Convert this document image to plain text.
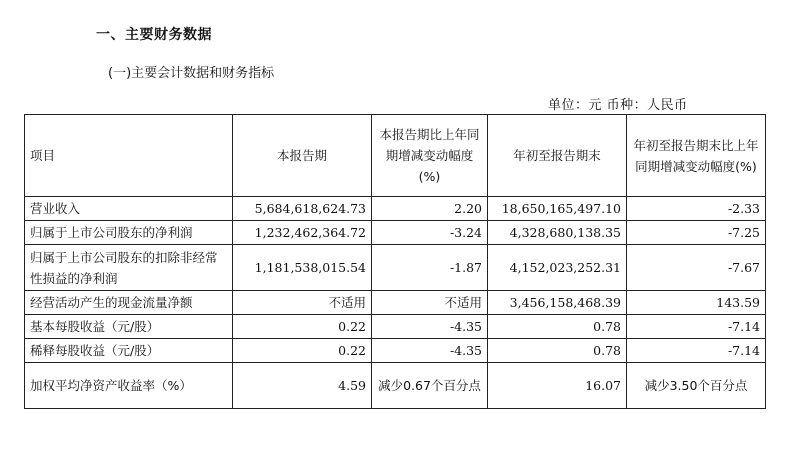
一、主要财务数据
(一)主要会计数据和财务指标
单位：元 币种：人民币
项目	本报告期	本报告期比上年同期增减变动幅度(%)	年初至报告期末	年初至报告期末比上年同期增减变动幅度(%)
营业收入	5,684,618,624.73	2.20	18,650,165,497.10	-2.33
归属于上市公司股东的净利润	1,232,462,364.72	-3.24	4,328,680,138.35	-7.25
归属于上市公司股东的扣除非经常性损益的净利润	1,181,538,015.54	-1.87	4,152,023,252.31	-7.67
经营活动产生的现金流量净额	不适用	不适用	3,456,158,468.39	143.59
基本每股收益（元/股）	0.22	-4.35	0.78	-7.14
稀释每股收益（元/股）	0.22	-4.35	0.78	-7.14
加权平均净资产收益率（%）	4.59	减少0.67个百分点	16.07	减少3.50个百分点
